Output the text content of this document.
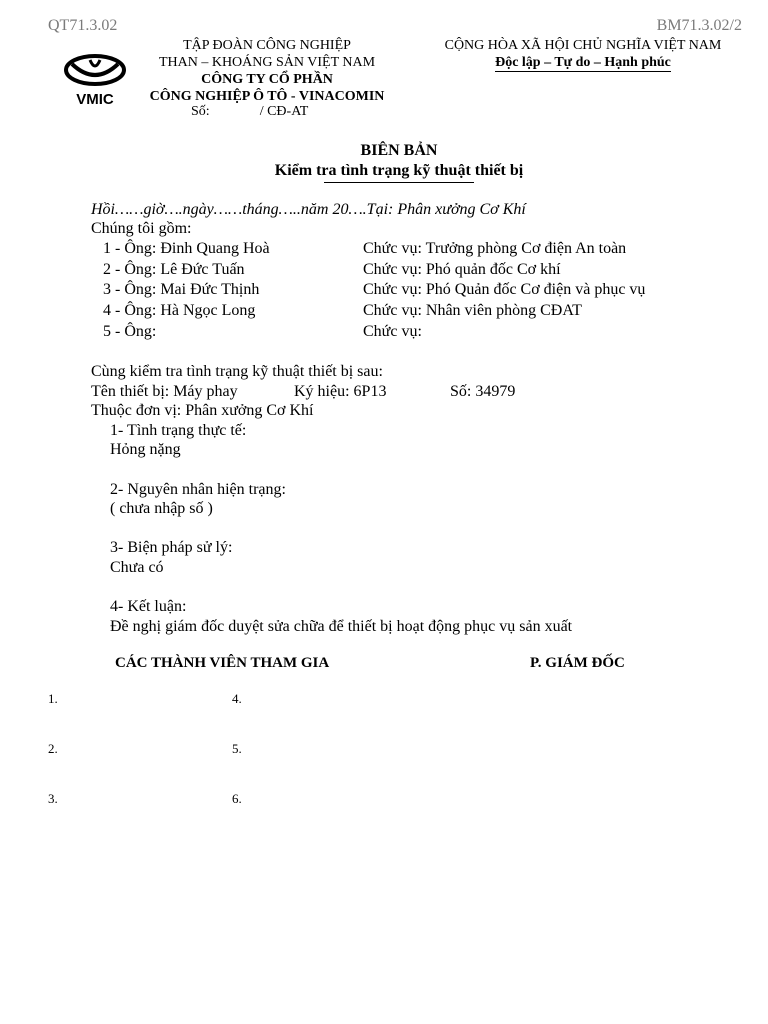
QT71.3.02	BM71.3.02/2
VMIC
TẬP ĐOÀN CÔNG NGHIỆP
THAN – KHOÁNG SẢN VIỆT NAM
CÔNG TY CỔ PHẦN
CÔNG NGHIỆP Ô TÔ - VINACOMIN
Số:	/ CĐ-AT
CỘNG HÒA XÃ HỘI CHỦ NGHĨA VIỆT NAM
Độc lập – Tự do – Hạnh phúc
BIÊN BẢN
Kiểm tra tình trạng kỹ thuật thiết bị
Hồi……giờ….ngày……tháng…..năm 20….Tại: Phân xưởng Cơ Khí
Chúng tôi gồm:
1 - Ông: Đinh Quang Hoà	Chức vụ: Trưởng phòng Cơ điện An toàn
2 - Ông: Lê Đức Tuấn	Chức vụ: Phó quản đốc Cơ khí
3 - Ông: Mai Đức Thịnh	Chức vụ: Phó Quản đốc Cơ điện và phục vụ
4 - Ông: Hà Ngọc Long	Chức vụ: Nhân viên phòng CĐAT
5 - Ông:	Chức vụ:
Cùng kiểm tra tình trạng kỹ thuật thiết bị sau:
Tên thiết bị: Máy phay	Ký hiệu: 6P13	Số: 34979
Thuộc đơn vị: Phân xưởng Cơ Khí
1- Tình trạng thực tế:
Hỏng nặng
2- Nguyên nhân hiện trạng:
( chưa nhập số )
3- Biện pháp sử lý:
Chưa có
4- Kết luận:
Đề nghị giám đốc duyệt sửa chữa để thiết bị hoạt động phục vụ sản xuất
CÁC THÀNH VIÊN THAM GIA	P. GIÁM ĐỐC
1.
2.
3.
4.
5.
6.
